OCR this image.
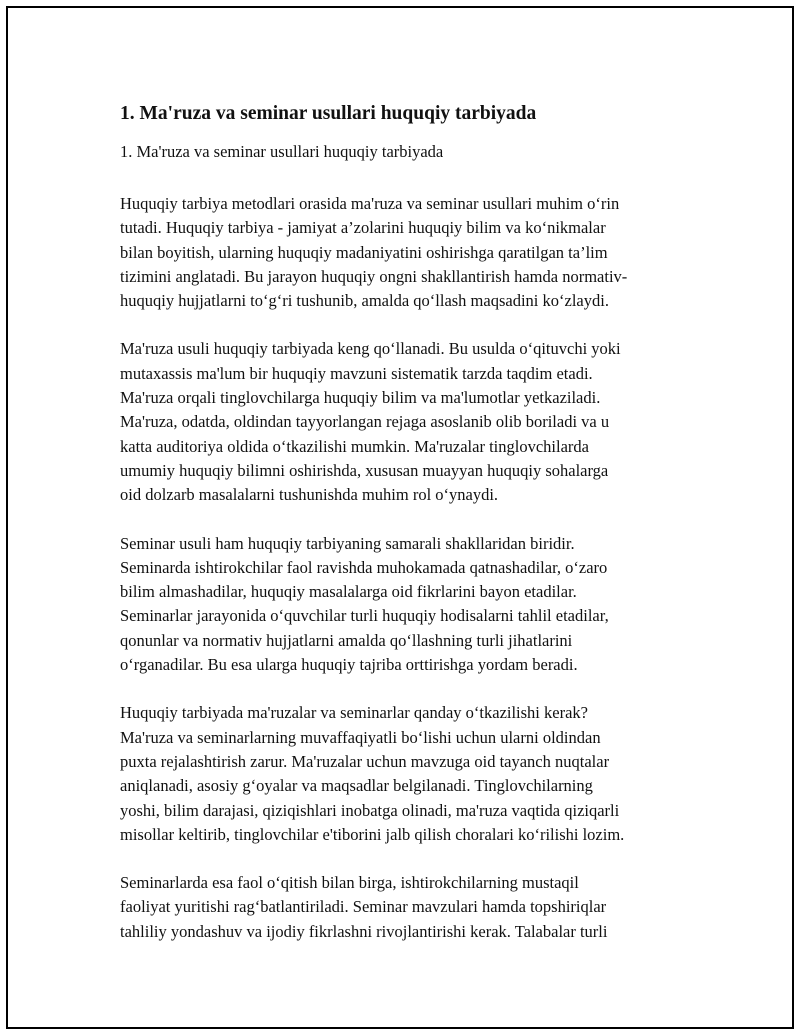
1. Ma'ruza va seminar usullari huquqiy tarbiyada

1. Ma'ruza va seminar usullari huquqiy tarbiyada

Huquqiy tarbiya metodlari orasida ma'ruza va seminar usullari muhim o‘rin
tutadi. Huquqiy tarbiya - jamiyat a’zolarini huquqiy bilim va ko‘nikmalar
bilan boyitish, ularning huquqiy madaniyatini oshirishga qaratilgan ta’lim
tizimini anglatadi. Bu jarayon huquqiy ongni shakllantirish hamda normativ-
huquqiy hujjatlarni to‘g‘ri tushunib, amalda qo‘llash maqsadini ko‘zlaydi.

Ma'ruza usuli huquqiy tarbiyada keng qo‘llanadi. Bu usulda o‘qituvchi yoki
mutaxassis ma'lum bir huquqiy mavzuni sistematik tarzda taqdim etadi.
Ma'ruza orqali tinglovchilarga huquqiy bilim va ma'lumotlar yetkaziladi.
Ma'ruza, odatda, oldindan tayyorlangan rejaga asoslanib olib boriladi va u
katta auditoriya oldida o‘tkazilishi mumkin. Ma'ruzalar tinglovchilarda
umumiy huquqiy bilimni oshirishda, xususan muayyan huquqiy sohalarga
oid dolzarb masalalarni tushunishda muhim rol o‘ynaydi.

Seminar usuli ham huquqiy tarbiyaning samarali shakllaridan biridir.
Seminarda ishtirokchilar faol ravishda muhokamada qatnashadilar, o‘zaro
bilim almashadilar, huquqiy masalalarga oid fikrlarini bayon etadilar.
Seminarlar jarayonida o‘quvchilar turli huquqiy hodisalarni tahlil etadilar,
qonunlar va normativ hujjatlarni amalda qo‘llashning turli jihatlarini
o‘rganadilar. Bu esa ularga huquqiy tajriba orttirishga yordam beradi.

Huquqiy tarbiyada ma'ruzalar va seminarlar qanday o‘tkazilishi kerak?
Ma'ruza va seminarlarning muvaffaqiyatli bo‘lishi uchun ularni oldindan
puxta rejalashtirish zarur. Ma'ruzalar uchun mavzuga oid tayanch nuqtalar
aniqlanadi, asosiy g‘oyalar va maqsadlar belgilanadi. Tinglovchilarning
yoshi, bilim darajasi, qiziqishlari inobatga olinadi, ma'ruza vaqtida qiziqarli
misollar keltirib, tinglovchilar e'tiborini jalb qilish choralari ko‘rilishi lozim.

Seminarlarda esa faol o‘qitish bilan birga, ishtirokchilarning mustaqil
faoliyat yuritishi rag‘batlantiriladi. Seminar mavzulari hamda topshiriqlar
tahliliy yondashuv va ijodiy fikrlashni rivojlantirishi kerak. Talabalar turli
